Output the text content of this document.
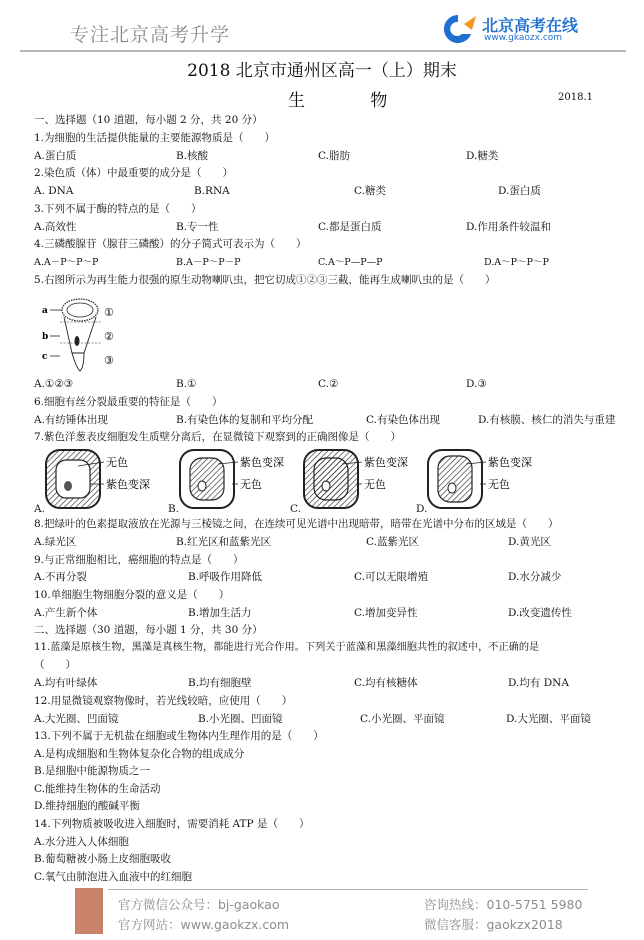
专注北京高考升学	北京高考在线
www.gkaozx.com
2018 北京市通州区高一（上）期末
生 物	2018.1
一、选择题（10 道题，每小题 2 分，共 20 分）
1.为细胞的生活提供能量的主要能源物质是（　　）
A.蛋白质	B.核酸	C.脂肪	D.糖类
2.染色质（体）中最重要的成分是（　　）
A. DNA	B.RNA	C.糖类	D.蛋白质
3.下列不属于酶的特点的是（　　）
A.高效性	B.专一性	C.都是蛋白质	D.作用条件较温和
4.三磷酸腺苷（腺苷三磷酸）的分子简式可表示为（　　）
A.A－P～P～P	B.A－P～P－P	C.A～P—P—P	D.A～P～P～P
5.右图所示为再生能力很强的原生动物喇叭虫，把它切成①②③三截，能再生成喇叭虫的是（　　）
a
b
c
①
②
③
A.①②③	B.①	C.②	D.③
6.细胞有丝分裂最重要的特征是（　　）
A.有纺锤体出现	B.有染色体的复制和平均分配	C.有染色体出现	D.有核膜、核仁的消失与重建
7.紫色洋葱表皮细胞发生质壁分离后，在显微镜下观察到的正确图像是（　　）
A.
无色
紫色变深
B.
紫色变深
无色
C.
紫色变深
无色
D.
紫色变深
无色
8.把绿叶的色素提取液放在光源与三棱镜之间，在连续可见光谱中出现暗带，暗带在光谱中分布的区域是（　　）
A.绿光区	B.红光区和蓝紫光区	C.蓝紫光区	D.黄光区
9.与正常细胞相比，癌细胞的特点是（　　）
A.不再分裂	B.呼吸作用降低	C.可以无限增殖	D.水分减少
10.单细胞生物细胞分裂的意义是（　　）
A.产生新个体	B.增加生活力	C.增加变异性	D.改变遗传性
二、选择题（30 道题，每小题 1 分，共 30 分）
11.蓝藻是原核生物，黑藻是真核生物，都能进行光合作用。下列关于蓝藻和黑藻细胞共性的叙述中，不正确的是
（　　）
A.均有叶绿体	B.均有细胞壁	C.均有核糖体	D.均有 DNA
12.用显微镜观察物像时，若光线较暗，应使用（　　）
A.大光圈、凹面镜	B.小光圈、凹面镜	C.小光圈、平面镜	D.大光圈、平面镜
13.下列不属于无机盐在细胞或生物体内生理作用的是（　　）
A.是构成细胞和生物体复杂化合物的组成成分
B.是细胞中能源物质之一
C.能维持生物体的生命活动
D.维持细胞的酸碱平衡
14.下列物质被吸收进入细胞时，需要消耗 ATP 是（　　）
A.水分进入人体细胞
B.葡萄糖被小肠上皮细胞吸收
C.氧气由肺泡进入血液中的红细胞
官方微信公众号：bj-gaokao
官方网站：www.gaokzx.com
咨询热线：010-5751 5980
微信客服：gaokzx2018
